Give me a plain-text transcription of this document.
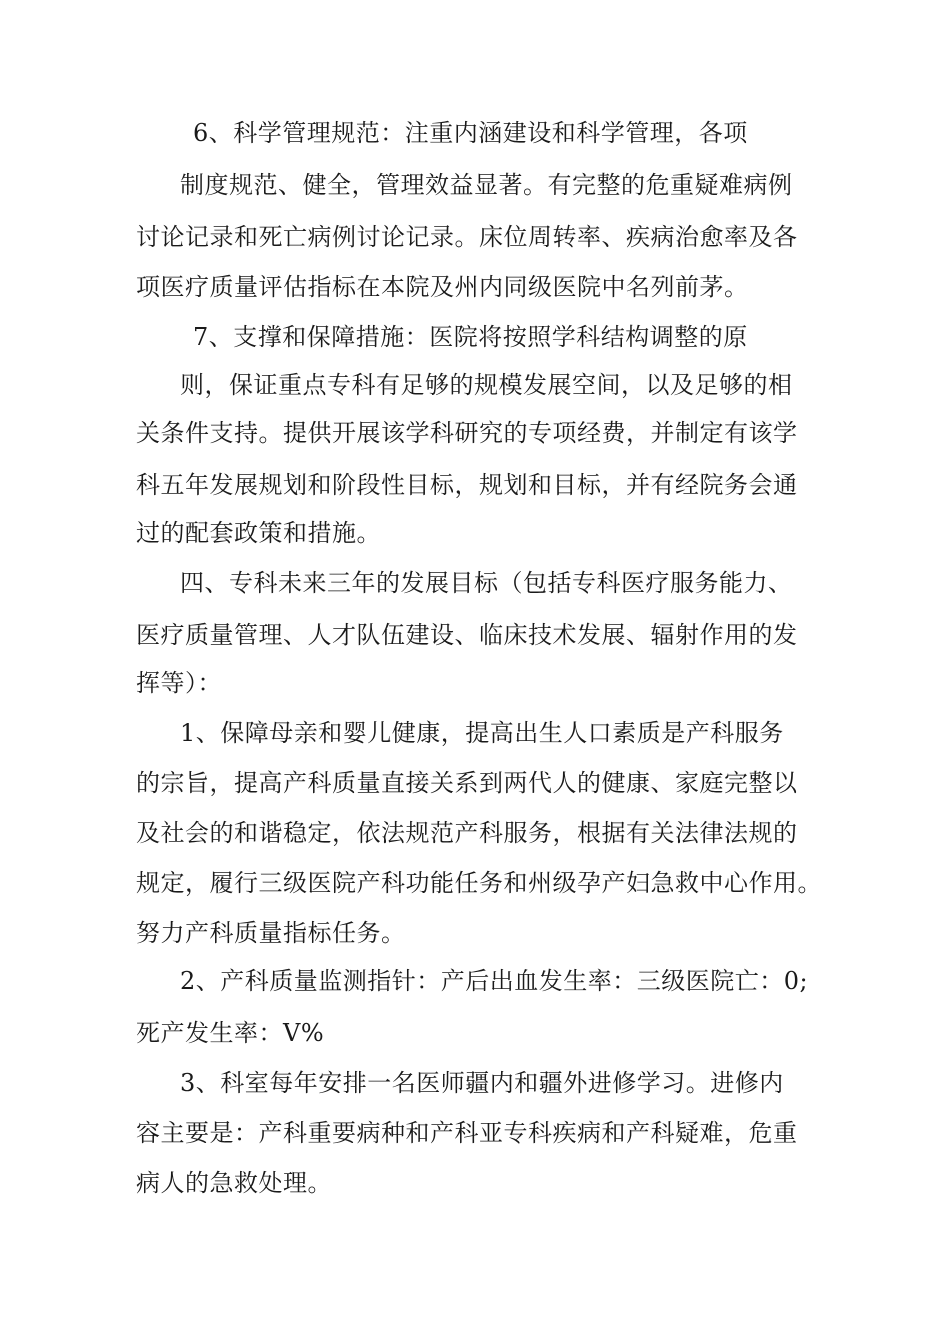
6、科学管理规范：注重内涵建设和科学管理，各项
制度规范、健全，管理效益显著。有完整的危重疑难病例
讨论记录和死亡病例讨论记录。床位周转率、疾病治愈率及各
项医疗质量评估指标在本院及州内同级医院中名列前茅。
7、支撑和保障措施：医院将按照学科结构调整的原
则，保证重点专科有足够的规模发展空间，以及足够的相
关条件支持。提供开展该学科研究的专项经费，并制定有该学
科五年发展规划和阶段性目标，规划和目标，并有经院务会通
过的配套政策和措施。
四、专科未来三年的发展目标（包括专科医疗服务能力、
医疗质量管理、人才队伍建设、临床技术发展、辐射作用的发
挥等）：
1、保障母亲和婴儿健康，提高出生人口素质是产科服务
的宗旨，提高产科质量直接关系到两代人的健康、家庭完整以
及社会的和谐稳定，依法规范产科服务，根据有关法律法规的
规定，履行三级医院产科功能任务和州级孕产妇急救中心作用。
努力产科质量指标任务。
2、产科质量监测指针：产后出血发生率：三级医院亡：0;
死产发生率：V%
3、科室每年安排一名医师疆内和疆外进修学习。进修内
容主要是：产科重要病种和产科亚专科疾病和产科疑难，危重
病人的急救处理。
